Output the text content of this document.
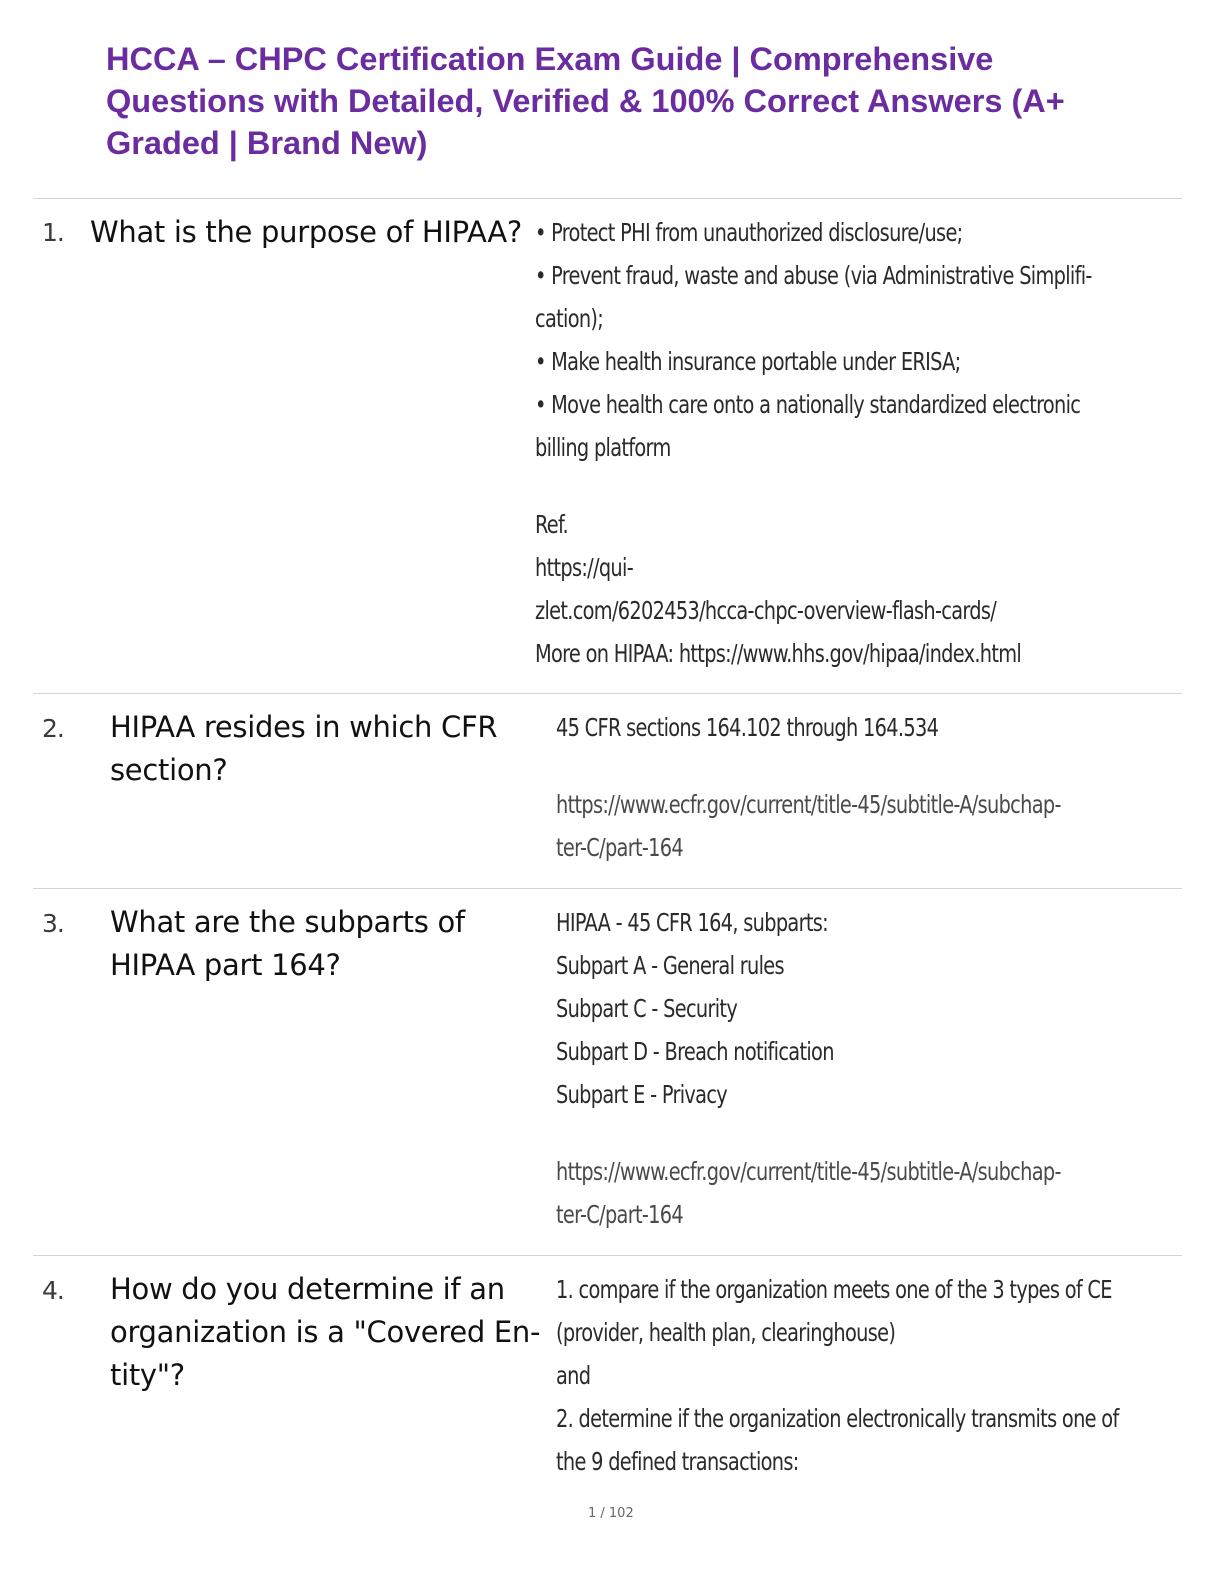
HCCA – CHPC Certification Exam Guide | Comprehensive
Questions with Detailed, Verified & 100% Correct Answers (A+
Graded | Brand New)
1. What is the purpose of HIPAA? • Protect PHI from unauthorized disclosure/use;
• Prevent fraud, waste and abuse (via Administrative Simplifi-
cation);
• Make health insurance portable under ERISA;
• Move health care onto a nationally standardized electronic
billing platform
Ref.
https://qui-
zlet.com/6202453/hcca-chpc-overview-flash-cards/
More on HIPAA: https://www.hhs.gov/hipaa/index.html
2. HIPAA resides in which CFR
section?
45 CFR sections 164.102 through 164.534
https://www.ecfr.gov/current/title-45/subtitle-A/subchap-
ter-C/part-164
3. What are the subparts of
HIPAA part 164?
HIPAA - 45 CFR 164, subparts:
Subpart A - General rules
Subpart C - Security
Subpart D - Breach notification
Subpart E - Privacy
https://www.ecfr.gov/current/title-45/subtitle-A/subchap-
ter-C/part-164
4. How do you determine if an
organization is a "Covered En-
tity"?
1. compare if the organization meets one of the 3 types of CE
(provider, health plan, clearinghouse)
and
2. determine if the organization electronically transmits one of
the 9 defined transactions:
1 / 102
